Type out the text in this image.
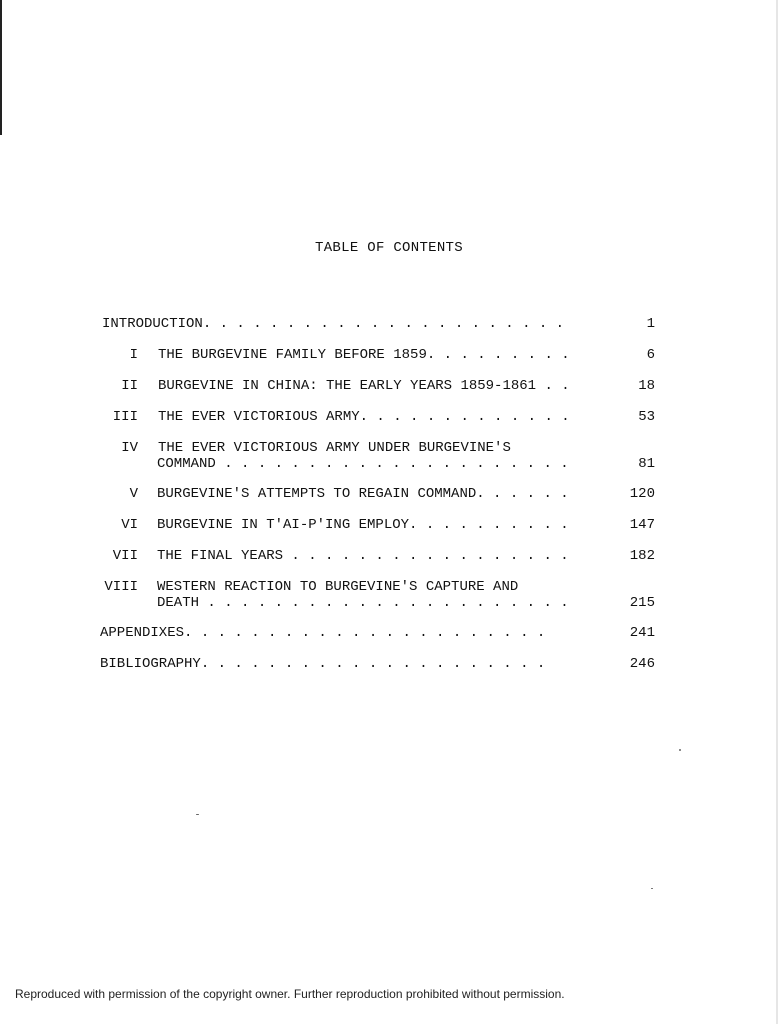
TABLE OF CONTENTS
INTRODUCTION. . . . . . . . . . . . . . . . . . . . . .	1
I THE BURGEVINE FAMILY BEFORE 1859. . . . . . . . .	6
II BURGEVINE IN CHINA: THE EARLY YEARS 1859-1861 . .	18
III THE EVER VICTORIOUS ARMY. . . . . . . . . . . . .	53
IV THE EVER VICTORIOUS ARMY UNDER BURGEVINE'S
COMMAND . . . . . . . . . . . . . . . . . . . . .	81
V BURGEVINE'S ATTEMPTS TO REGAIN COMMAND. . . . . .	120
VI BURGEVINE IN T'AI-P'ING EMPLOY. . . . . . . . . .	147
VII THE FINAL YEARS . . . . . . . . . . . . . . . . .	182
VIII WESTERN REACTION TO BURGEVINE'S CAPTURE AND
DEATH . . . . . . . . . . . . . . . . . . . . . .	215
APPENDIXES. . . . . . . . . . . . . . . . . . . . . .	241
BIBLIOGRAPHY. . . . . . . . . . . . . . . . . . . . .	246
Reproduced with permission of the copyright owner. Further reproduction prohibited without permission.
